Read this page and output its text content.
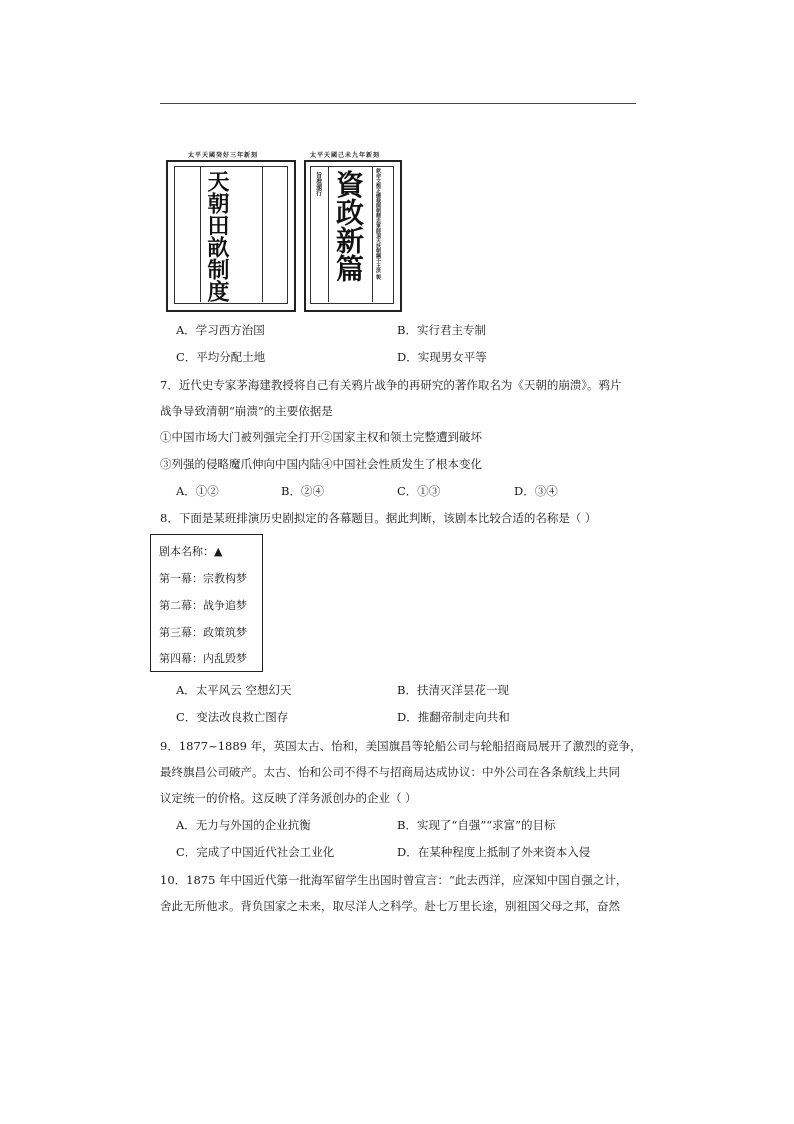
太平天國癸好三年新刻
天朝田畝制度
太平天國己未九年新刻
旨准頒行 資政新篇 欽命文衡正總裁開朝精忠軍師頂天扶朝綱干王洪 製
A．学习西方治国	B．实行君主专制
C．平均分配土地	D．实现男女平等
7．近代史专家茅海建教授将自己有关鸦片战争的再研究的著作取名为《天朝的崩溃》。鸦片
战争导致清朝“崩溃”的主要依据是
①中国市场大门被列强完全打开②国家主权和领土完整遭到破坏
③列强的侵略魔爪伸向中国内陆④中国社会性质发生了根本变化
A．①②	B．②④	C．①③	D．③④
8．下面是某班排演历史剧拟定的各幕题目。据此判断，该剧本比较合适的名称是（ ）
剧本名称：▲
第一幕：宗教构梦
第二幕：战争追梦
第三幕：政策筑梦
第四幕：内乱毁梦
A．太平风云 空想幻天	B．扶清灭洋昙花一现
C．变法改良救亡图存	D．推翻帝制走向共和
9．1877~1889 年，英国太古、怡和，美国旗昌等轮船公司与轮船招商局展开了激烈的竞争，
最终旗昌公司破产。太古、怡和公司不得不与招商局达成协议：中外公司在各条航线上共同
议定统一的价格。这反映了洋务派创办的企业（ ）
A．无力与外国的企业抗衡	B．实现了“自强”“求富”的目标
C．完成了中国近代社会工业化	D．在某种程度上抵制了外来资本入侵
10．1875 年中国近代第一批海军留学生出国时曾宣言：“此去西洋，应深知中国自强之计，
舍此无所他求。背负国家之未来，取尽洋人之科学。赴七万里长途，别祖国父母之邦，奋然
